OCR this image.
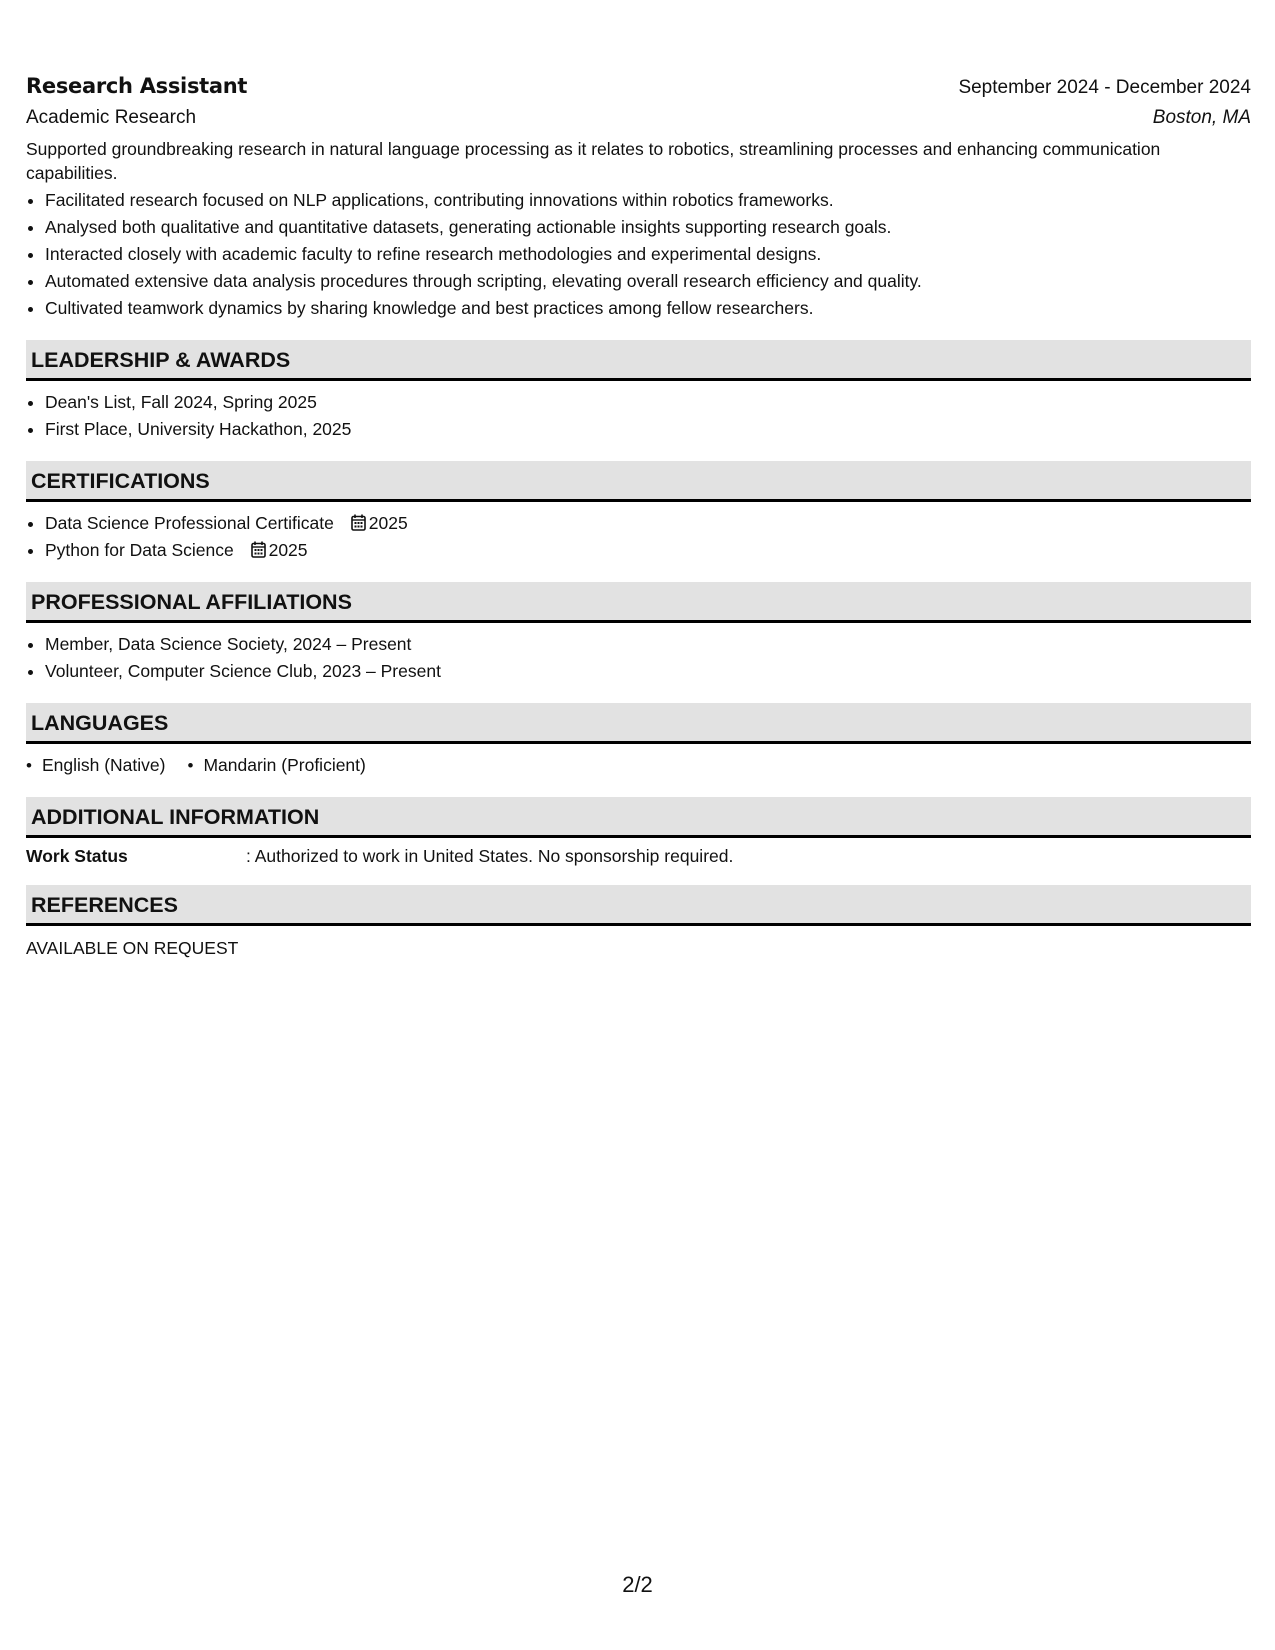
Research Assistant	September 2024 - December 2024
Academic Research	Boston, MA
Supported groundbreaking research in natural language processing as it relates to robotics, streamlining processes and enhancing communication capabilities.
• Facilitated research focused on NLP applications, contributing innovations within robotics frameworks.
• Analysed both qualitative and quantitative datasets, generating actionable insights supporting research goals.
• Interacted closely with academic faculty to refine research methodologies and experimental designs.
• Automated extensive data analysis procedures through scripting, elevating overall research efficiency and quality.
• Cultivated teamwork dynamics by sharing knowledge and best practices among fellow researchers.
LEADERSHIP & AWARDS
• Dean's List, Fall 2024, Spring 2025
• First Place, University Hackathon, 2025
CERTIFICATIONS
• Data Science Professional Certificate 2025
• Python for Data Science 2025
PROFESSIONAL AFFILIATIONS
• Member, Data Science Society, 2024 – Present
• Volunteer, Computer Science Club, 2023 – Present
LANGUAGES
• English (Native)
•	Mandarin (Proficient)
ADDITIONAL INFORMATION
Work Status	: Authorized to work in United States. No sponsorship required.
REFERENCES
AVAILABLE ON REQUEST
2/2
